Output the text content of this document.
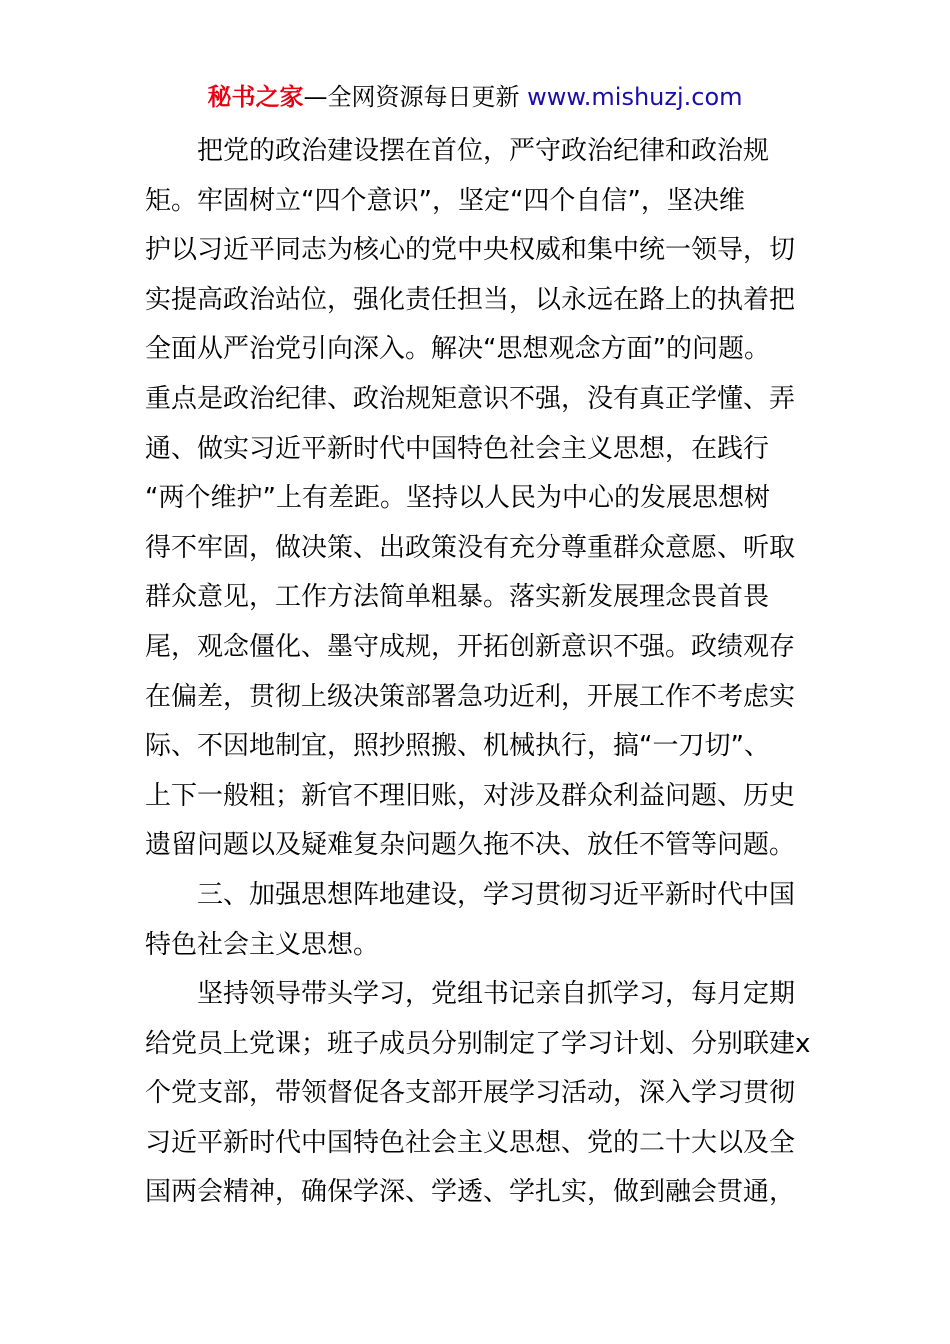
秘书之家—全网资源每日更新 www.mishuzj.com
　　把党的政治建设摆在首位，严守政治纪律和政治规
矩。牢固树立“四个意识”，坚定“四个自信”，坚决维
护以习近平同志为核心的党中央权威和集中统一领导，切
实提高政治站位，强化责任担当，以永远在路上的执着把
全面从严治党引向深入。解决“思想观念方面”的问题。
重点是政治纪律、政治规矩意识不强，没有真正学懂、弄
通、做实习近平新时代中国特色社会主义思想，在践行
“两个维护”上有差距。坚持以人民为中心的发展思想树
得不牢固，做决策、出政策没有充分尊重群众意愿、听取
群众意见，工作方法简单粗暴。落实新发展理念畏首畏
尾，观念僵化、墨守成规，开拓创新意识不强。政绩观存
在偏差，贯彻上级决策部署急功近利，开展工作不考虑实
际、不因地制宜，照抄照搬、机械执行，搞“一刀切”、
上下一般粗；新官不理旧账，对涉及群众利益问题、历史
遗留问题以及疑难复杂问题久拖不决、放任不管等问题。
　　三、加强思想阵地建设，学习贯彻习近平新时代中国
特色社会主义思想。
　　坚持领导带头学习，党组书记亲自抓学习，每月定期
给党员上党课；班子成员分别制定了学习计划、分别联建x
个党支部，带领督促各支部开展学习活动，深入学习贯彻
习近平新时代中国特色社会主义思想、党的二十大以及全
国两会精神，确保学深、学透、学扎实，做到融会贯通，
